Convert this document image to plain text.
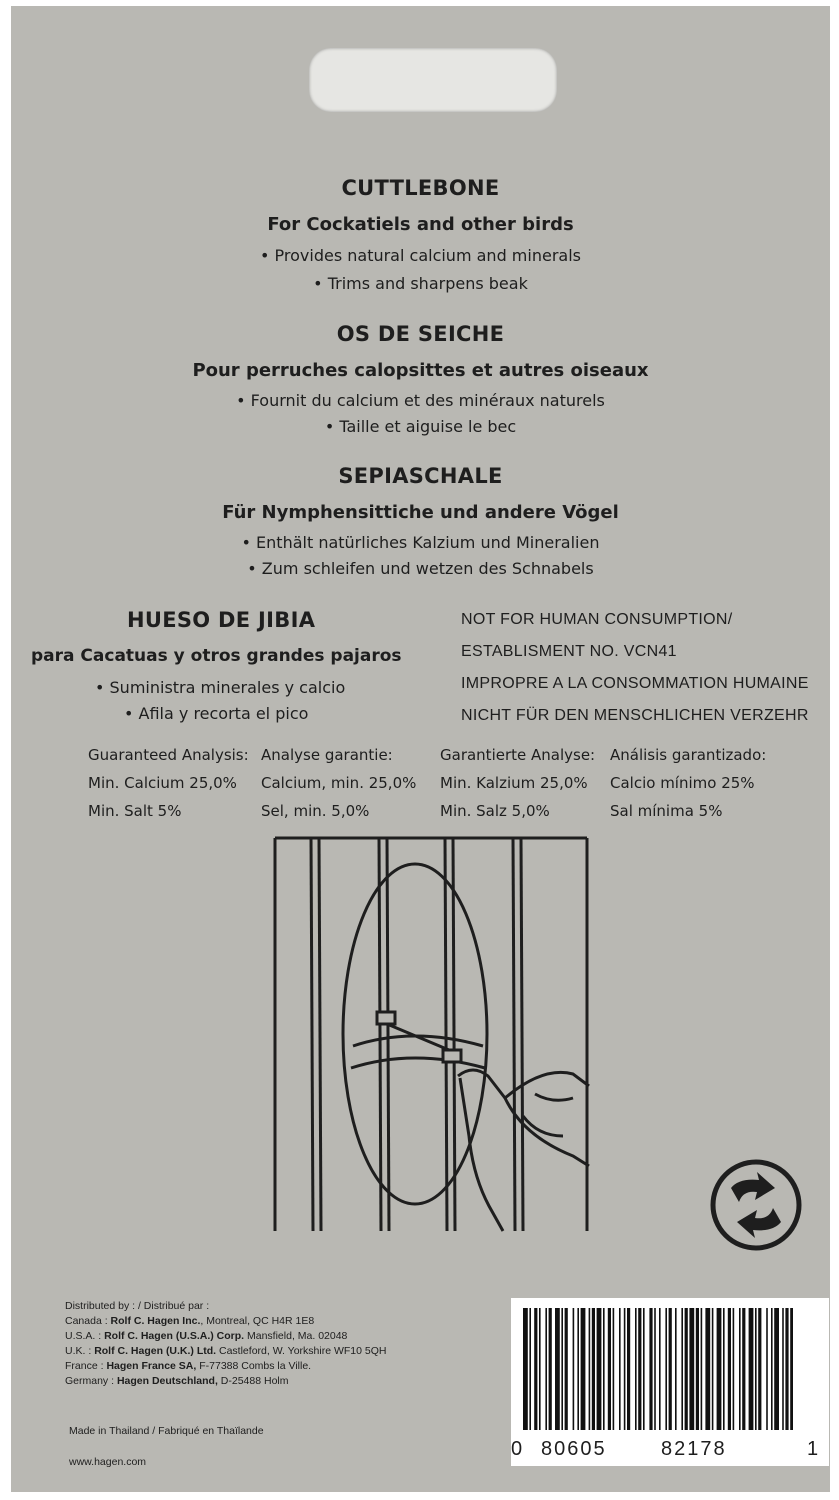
CUTTLEBONE
For Cockatiels and other birds
• Provides natural calcium and minerals
• Trims and sharpens beak
OS DE SEICHE
Pour perruches calopsittes et autres oiseaux
• Fournit du calcium et des minéraux naturels
• Taille et aiguise le bec
SEPIASCHALE
Für Nymphensittiche und andere Vögel
• Enthält natürliches Kalzium und Mineralien
• Zum schleifen und wetzen des Schnabels
HUESO DE JIBIA
para Cacatuas y otros grandes pajaros
• Suministra minerales y calcio
• Afila y recorta el pico
NOT FOR HUMAN CONSUMPTION/
ESTABLISMENT NO. VCN41
IMPROPRE A LA CONSOMMATION HUMAINE
NICHT FÜR DEN MENSCHLICHEN VERZEHR
Guaranteed Analysis:
Min. Calcium 25,0%
Min. Salt 5%
Analyse garantie:
Calcium, min. 25,0%
Sel, min. 5,0%
Garantierte Analyse:
Min. Kalzium 25,0%
Min. Salz 5,0%
Análisis garantizado:
Calcio mínimo 25%
Sal mínima 5%
Distributed by : / Distribué par :
Canada : Rolf C. Hagen Inc., Montreal, QC H4R 1E8
U.S.A. : Rolf C. Hagen (U.S.A.) Corp. Mansfield, Ma. 02048
U.K. : Rolf C. Hagen (U.K.) Ltd. Castleford, W. Yorkshire WF10 5QH
France : Hagen France SA, F-77388 Combs la Ville.
Germany : Hagen Deutschland, D-25488 Holm
Made in Thailand / Fabriqué en Thaïlande
www.hagen.com
0 80605	82178	1
